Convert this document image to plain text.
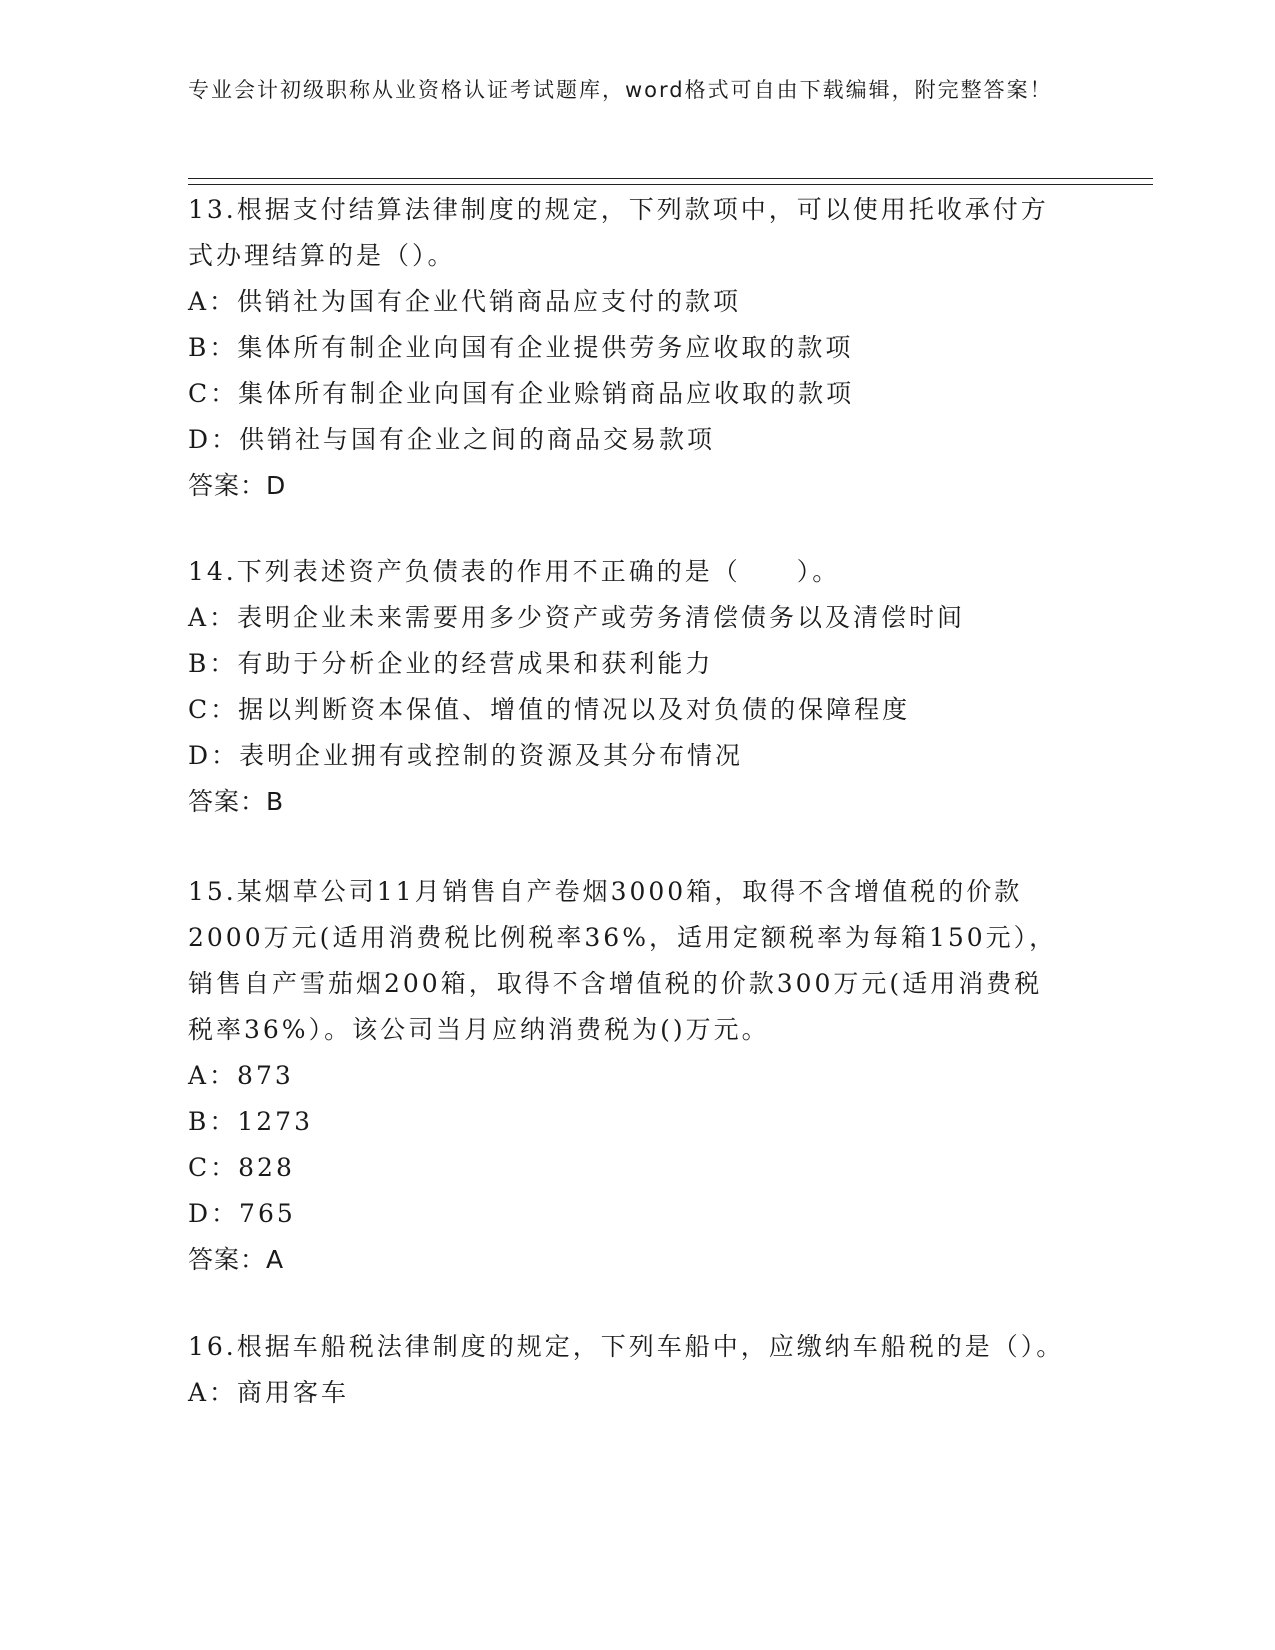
专业会计初级职称从业资格认证考试题库，word格式可自由下载编辑，附完整答案！
13.根据支付结算法律制度的规定，下列款项中，可以使用托收承付方式办理结算的是（）。
A：供销社为国有企业代销商品应支付的款项
B：集体所有制企业向国有企业提供劳务应收取的款项
C：集体所有制企业向国有企业赊销商品应收取的款项
D：供销社与国有企业之间的商品交易款项
答案：D
14.下列表述资产负债表的作用不正确的是（　　）。
A：表明企业未来需要用多少资产或劳务清偿债务以及清偿时间
B：有助于分析企业的经营成果和获利能力
C：据以判断资本保值、增值的情况以及对负债的保障程度
D：表明企业拥有或控制的资源及其分布情况
答案：B
15.某烟草公司11月销售自产卷烟3000箱，取得不含增值税的价款2000万元(适用消费税比例税率36%，适用定额税率为每箱150元），销售自产雪茄烟200箱，取得不含增值税的价款300万元(适用消费税税率36%）。该公司当月应纳消费税为()万元。
A：873
B：1273
C：828
D：765
答案：A
16.根据车船税法律制度的规定，下列车船中，应缴纳车船税的是（）。
A：商用客车
